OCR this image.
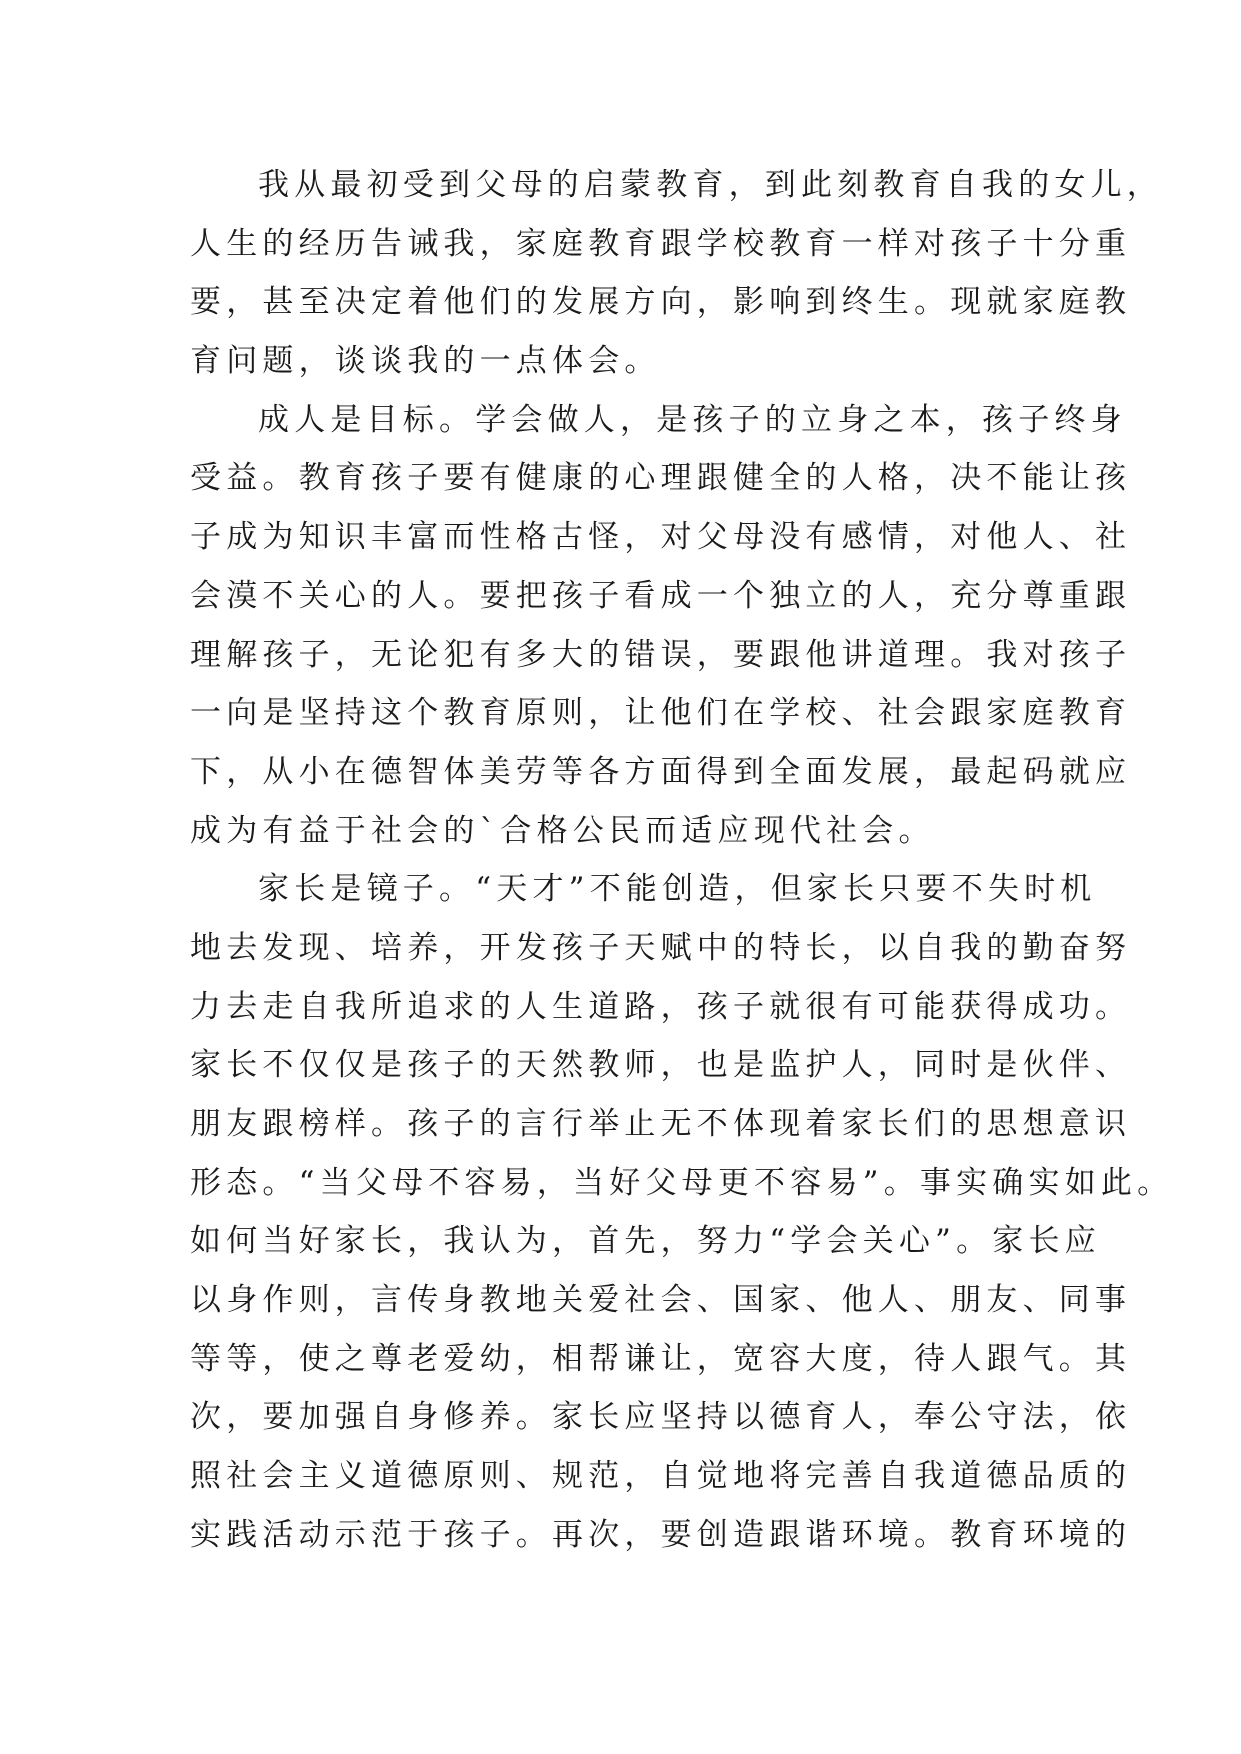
我从最初受到父母的启蒙教育，到此刻教育自我的女儿，
人生的经历告诫我，家庭教育跟学校教育一样对孩子十分重
要，甚至决定着他们的发展方向，影响到终生。现就家庭教
育问题，谈谈我的一点体会。
成人是目标。学会做人，是孩子的立身之本，孩子终身
受益。教育孩子要有健康的心理跟健全的人格，决不能让孩
子成为知识丰富而性格古怪，对父母没有感情，对他人、社
会漠不关心的人。要把孩子看成一个独立的人，充分尊重跟
理解孩子，无论犯有多大的错误，要跟他讲道理。我对孩子
一向是坚持这个教育原则，让他们在学校、社会跟家庭教育
下，从小在德智体美劳等各方面得到全面发展，最起码就应
成为有益于社会的`合格公民而适应现代社会。
家长是镜子。“天才”不能创造，但家长只要不失时机
地去发现、培养，开发孩子天赋中的特长，以自我的勤奋努
力去走自我所追求的人生道路，孩子就很有可能获得成功。
家长不仅仅是孩子的天然教师，也是监护人，同时是伙伴、
朋友跟榜样。孩子的言行举止无不体现着家长们的思想意识
形态。“当父母不容易，当好父母更不容易”。事实确实如此。
如何当好家长，我认为，首先，努力“学会关心”。家长应
以身作则，言传身教地关爱社会、国家、他人、朋友、同事
等等，使之尊老爱幼，相帮谦让，宽容大度，待人跟气。其
次，要加强自身修养。家长应坚持以德育人，奉公守法，依
照社会主义道德原则、规范，自觉地将完善自我道德品质的
实践活动示范于孩子。再次，要创造跟谐环境。教育环境的
